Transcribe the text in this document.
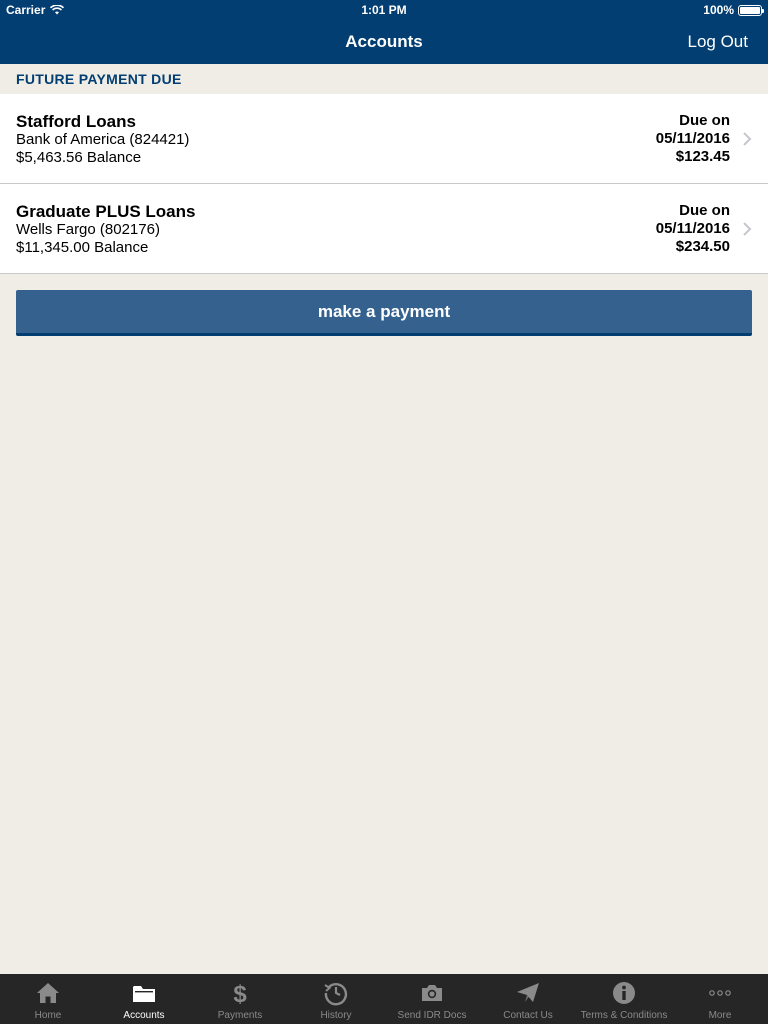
Carrier	1:01 PM	100%
Accounts	Log Out
FUTURE PAYMENT DUE
Stafford Loans
Bank of America (824421)
$5,463.56 Balance
Due on
05/11/2016
$123.45
Graduate PLUS Loans
Wells Fargo (802176)
$11,345.00 Balance
Due on
05/11/2016
$234.50
make a payment
Home	Accounts
$
Payments	History	Send IDR Docs	Contact Us	Terms & Conditions	More
